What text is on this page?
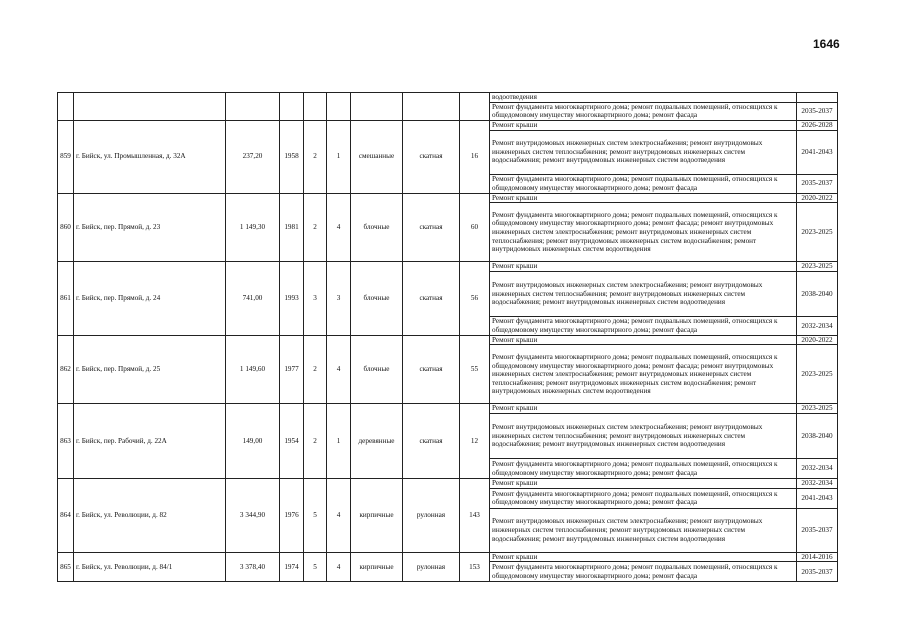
1646
									водоотведения	
									Ремонт фундамента многоквартирного дома; ремонт подвальных помещений, относящихся к общедомовому имуществу многоквартирного дома; ремонт фасада	2035-2037
859	г. Бийск, ул. Промышленная, д. 32А	237,20	1958	2	1	смешанные	скатная	16	Ремонт крыши	2026-2028
									Ремонт внутридомовых инженерных систем электроснабжения; ремонт внутридомовых инженерных систем теплоснабжения; ремонт внутридомовых инженерных систем водоснабжения; ремонт внутридомовых инженерных систем водоотведения	2041-2043
									Ремонт фундамента многоквартирного дома; ремонт подвальных помещений, относящихся к общедомовому имуществу многоквартирного дома; ремонт фасада	2035-2037
860	г. Бийск, пер. Прямой, д. 23	1 149,30	1981	2	4	блочные	скатная	60	Ремонт крыши	2020-2022
									Ремонт фундамента многоквартирного дома; ремонт подвальных помещений, относящихся к общедомовому имуществу многоквартирного дома; ремонт фасада; ремонт внутридомовых инженерных систем электроснабжения; ремонт внутридомовых инженерных систем теплоснабжения; ремонт внутридомовых инженерных систем водоснабжения; ремонт внутридомовых инженерных систем водоотведения	2023-2025
861	г. Бийск, пер. Прямой, д. 24	741,00	1993	3	3	блочные	скатная	56	Ремонт крыши	2023-2025
									Ремонт внутридомовых инженерных систем электроснабжения; ремонт внутридомовых инженерных систем теплоснабжения; ремонт внутридомовых инженерных систем водоснабжения; ремонт внутридомовых инженерных систем водоотведения	2038-2040
									Ремонт фундамента многоквартирного дома; ремонт подвальных помещений, относящихся к общедомовому имуществу многоквартирного дома; ремонт фасада	2032-2034
862	г. Бийск, пер. Прямой, д. 25	1 149,60	1977	2	4	блочные	скатная	55	Ремонт крыши	2020-2022
									Ремонт фундамента многоквартирного дома; ремонт подвальных помещений, относящихся к общедомовому имуществу многоквартирного дома; ремонт фасада; ремонт внутридомовых инженерных систем электроснабжения; ремонт внутридомовых инженерных систем теплоснабжения; ремонт внутридомовых инженерных систем водоснабжения; ремонт внутридомовых инженерных систем водоотведения	2023-2025
863	г. Бийск, пер. Рабочий, д. 22А	149,00	1954	2	1	деревянные	скатная	12	Ремонт крыши	2023-2025
									Ремонт внутридомовых инженерных систем электроснабжения; ремонт внутридомовых инженерных систем теплоснабжения; ремонт внутридомовых инженерных систем водоснабжения; ремонт внутридомовых инженерных систем водоотведения	2038-2040
									Ремонт фундамента многоквартирного дома; ремонт подвальных помещений, относящихся к общедомовому имуществу многоквартирного дома; ремонт фасада	2032-2034
864	г. Бийск, ул. Революции, д. 82	3 344,90	1976	5	4	кирпичные	рулонная	143	Ремонт крыши	2032-2034
									Ремонт фундамента многоквартирного дома; ремонт подвальных помещений, относящихся к общедомовому имуществу многоквартирного дома; ремонт фасада	2041-2043
									Ремонт внутридомовых инженерных систем электроснабжения; ремонт внутридомовых инженерных систем теплоснабжения; ремонт внутридомовых инженерных систем водоснабжения; ремонт внутридомовых инженерных систем водоотведения	2035-2037
865	г. Бийск, ул. Революции, д. 84/1	3 378,40	1974	5	4	кирпичные	рулонная	153	Ремонт крыши	2014-2016
									Ремонт фундамента многоквартирного дома; ремонт подвальных помещений, относящихся к общедомовому имуществу многоквартирного дома; ремонт фасада	2035-2037
